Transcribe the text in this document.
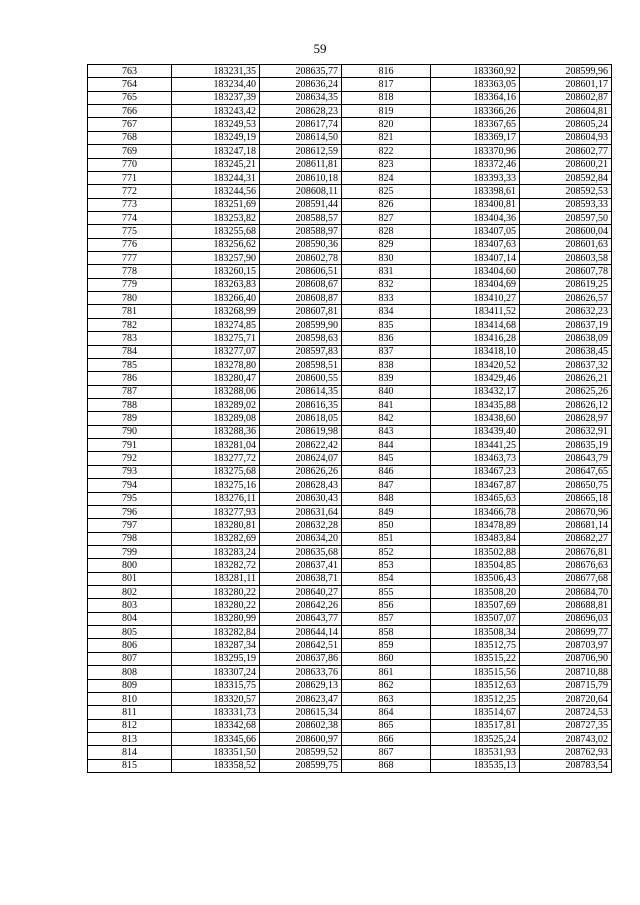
59
763	183231,35	208635,77	816	183360,92	208599,96
764	183234,40	208636,24	817	183363,05	208601,17
765	183237,39	208634,35	818	183364,16	208602,87
766	183243,42	208628,23	819	183366,26	208604,81
767	183249,53	208617,74	820	183367,65	208605,24
768	183249,19	208614,50	821	183369,17	208604,93
769	183247,18	208612,59	822	183370,96	208602,77
770	183245,21	208611,81	823	183372,46	208600,21
771	183244,31	208610,18	824	183393,33	208592,84
772	183244,56	208608,11	825	183398,61	208592,53
773	183251,69	208591,44	826	183400,81	208593,33
774	183253,82	208588,57	827	183404,36	208597,50
775	183255,68	208588,97	828	183407,05	208600,04
776	183256,62	208590,36	829	183407,63	208601,63
777	183257,90	208602,78	830	183407,14	208603,58
778	183260,15	208606,51	831	183404,60	208607,78
779	183263,83	208608,67	832	183404,69	208619,25
780	183266,40	208608,87	833	183410,27	208626,57
781	183268,99	208607,81	834	183411,52	208632,23
782	183274,85	208599,90	835	183414,68	208637,19
783	183275,71	208598,63	836	183416,28	208638,09
784	183277,07	208597,83	837	183418,10	208638,45
785	183278,80	208598,51	838	183420,52	208637,32
786	183280,47	208600,55	839	183429,46	208626,21
787	183288,06	208614,35	840	183432,17	208625,26
788	183289,02	208616,35	841	183435,88	208626,12
789	183289,08	208618,05	842	183438,60	208628,97
790	183288,36	208619,98	843	183439,40	208632,91
791	183281,04	208622,42	844	183441,25	208635,19
792	183277,72	208624,07	845	183463,73	208643,79
793	183275,68	208626,26	846	183467,23	208647,65
794	183275,16	208628,43	847	183467,87	208650,75
795	183276,11	208630,43	848	183465,63	208665,18
796	183277,93	208631,64	849	183466,78	208670,96
797	183280,81	208632,28	850	183478,89	208681,14
798	183282,69	208634,20	851	183483,84	208682,27
799	183283,24	208635,68	852	183502,88	208676,81
800	183282,72	208637,41	853	183504,85	208676,63
801	183281,11	208638,71	854	183506,43	208677,68
802	183280,22	208640,27	855	183508,20	208684,70
803	183280,22	208642,26	856	183507,69	208688,81
804	183280,99	208643,77	857	183507,07	208696,03
805	183282,84	208644,14	858	183508,34	208699,77
806	183287,34	208642,51	859	183512,75	208703,97
807	183295,19	208637,86	860	183515,22	208706,90
808	183307,24	208633,76	861	183515,56	208710,88
809	183315,75	208629,13	862	183512,63	208715,79
810	183320,57	208623,47	863	183512,25	208720,64
811	183331,73	208615,34	864	183514,67	208724,53
812	183342,68	208602,38	865	183517,81	208727,35
813	183345,66	208600,97	866	183525,24	208743,02
814	183351,50	208599,52	867	183531,93	208762,93
815	183358,52	208599,75	868	183535,13	208783,54
